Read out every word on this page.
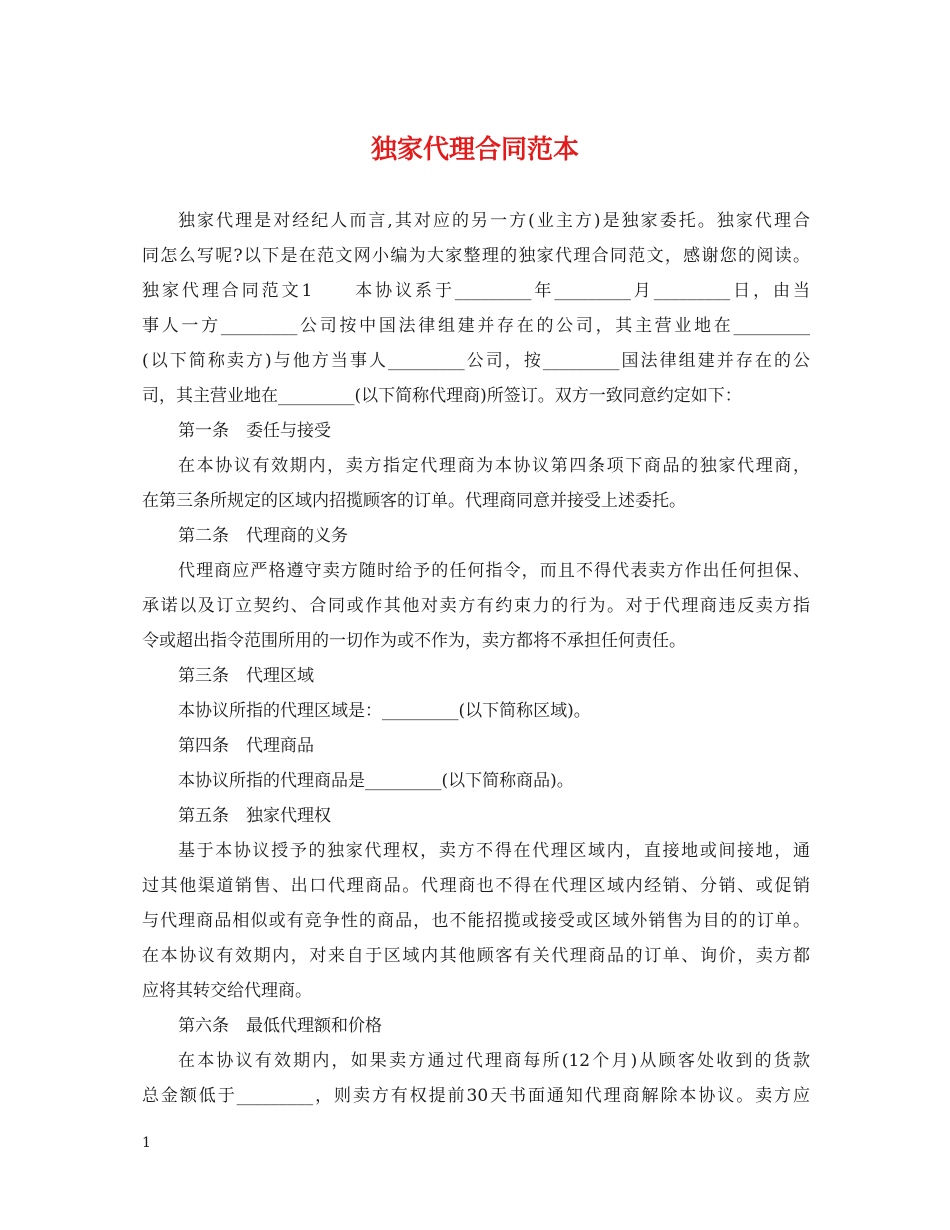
独家代理合同范本
独家代理是对经纪人而言,其对应的另一方(业主方)是独家委托。独家代理合
同怎么写呢?以下是在范文网小编为大家整理的独家代理合同范文，感谢您的阅读。
独家代理合同范文1　　本协议系于_________年_________月_________日，由当
事人一方_________公司按中国法律组建并存在的公司，其主营业地在_________
(以下简称卖方)与他方当事人_________公司，按_________国法律组建并存在的公
司，其主营业地在_________(以下简称代理商)所签订。双方一致同意约定如下：
第一条　委任与接受
在本协议有效期内，卖方指定代理商为本协议第四条项下商品的独家代理商，
在第三条所规定的区域内招揽顾客的订单。代理商同意并接受上述委托。
第二条　代理商的义务
代理商应严格遵守卖方随时给予的任何指令，而且不得代表卖方作出任何担保、
承诺以及订立契约、合同或作其他对卖方有约束力的行为。对于代理商违反卖方指
令或超出指令范围所用的一切作为或不作为，卖方都将不承担任何责任。
第三条　代理区域
本协议所指的代理区域是：_________(以下简称区域)。
第四条　代理商品
本协议所指的代理商品是_________(以下简称商品)。
第五条　独家代理权
基于本协议授予的独家代理权，卖方不得在代理区域内，直接地或间接地，通
过其他渠道销售、出口代理商品。代理商也不得在代理区域内经销、分销、或促销
与代理商品相似或有竞争性的商品，也不能招揽或接受或区域外销售为目的的订单。
在本协议有效期内，对来自于区域内其他顾客有关代理商品的订单、询价，卖方都
应将其转交给代理商。
第六条　最低代理额和价格
在本协议有效期内，如果卖方通过代理商每所(12个月)从顾客处收到的货款
总金额低于_________，则卖方有权提前30天书面通知代理商解除本协议。卖方应
1
